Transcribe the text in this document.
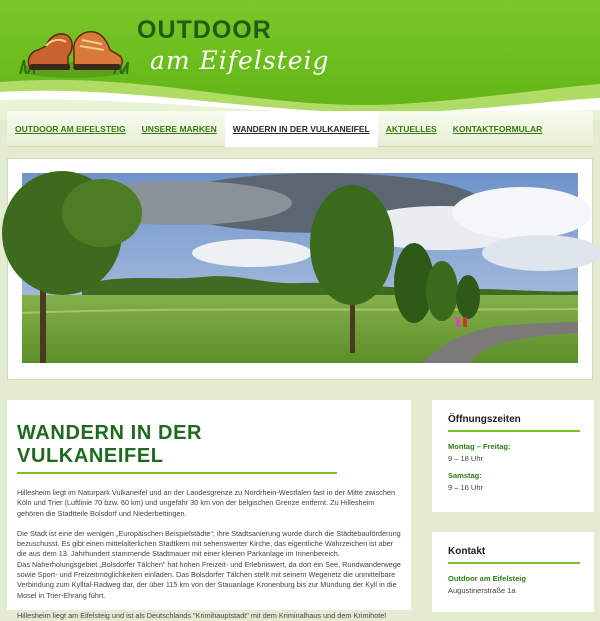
OUTDOOR
am Eifelsteig
OUTDOOR AM EIFELSTEIG	UNSERE MARKEN	WANDERN IN DER VULKANEIFEL	AKTUELLES	KONTAKTFORMULAR
WANDERN IN DER VULKANEIFEL

Hillesheim liegt im Naturpark Vulkaneifel und an der Landesgrenze zu Nordrhein-Westfalen fast in der Mitte zwischen Köln und Trier (Luftlinie 70 bzw. 60 km) und ungefähr 30 km von der belgischen Grenze entfernt. Zu Hillesheim gehören die Stadtteile Bolsdorf und Niederbettingen.

Die Stadt ist eine der wenigen „Europäischen Beispielstädte“; ihre Stadtsanierung wurde durch die Städtebauförderung bezuschusst. Es gibt einen mittelalterlichen Stadtkern mit sehenswerter Kirche, das eigentliche Wahrzeichen ist aber die aus dem 13. Jahrhundert stammende Stadtmauer mit einer kleinen Parkanlage im Innenbereich.

Das Naherholungsgebiet „Bolsdorfer Tälchen“ hat hohen Freizeit- und Erlebniswert, da dort ein See, Rundwanderwege sowie Sport- und Freizeitmöglichkeiten einladen. Das Bolsdorfer Tälchen stellt mit seinem Wegenetz die unmittelbare Verbindung zum Kylltal-Radweg dar, der über 115 km von der Stauanlage Kronenburg bis zur Mündung der Kyll in die Mosel in Trier-Ehrang führt.

Hillesheim liegt am Eifelsteig und ist als Deutschlands "Krimihauptstadt" mit dem Kriminalhaus und dem Krimihotel

Öffnungszeiten
Montag – Freitag:
9 – 18 Uhr
Samstag:
9 – 16 Uhr
Kontakt
Outdoor am Eifelsteig
Augustinerstraße 1a
